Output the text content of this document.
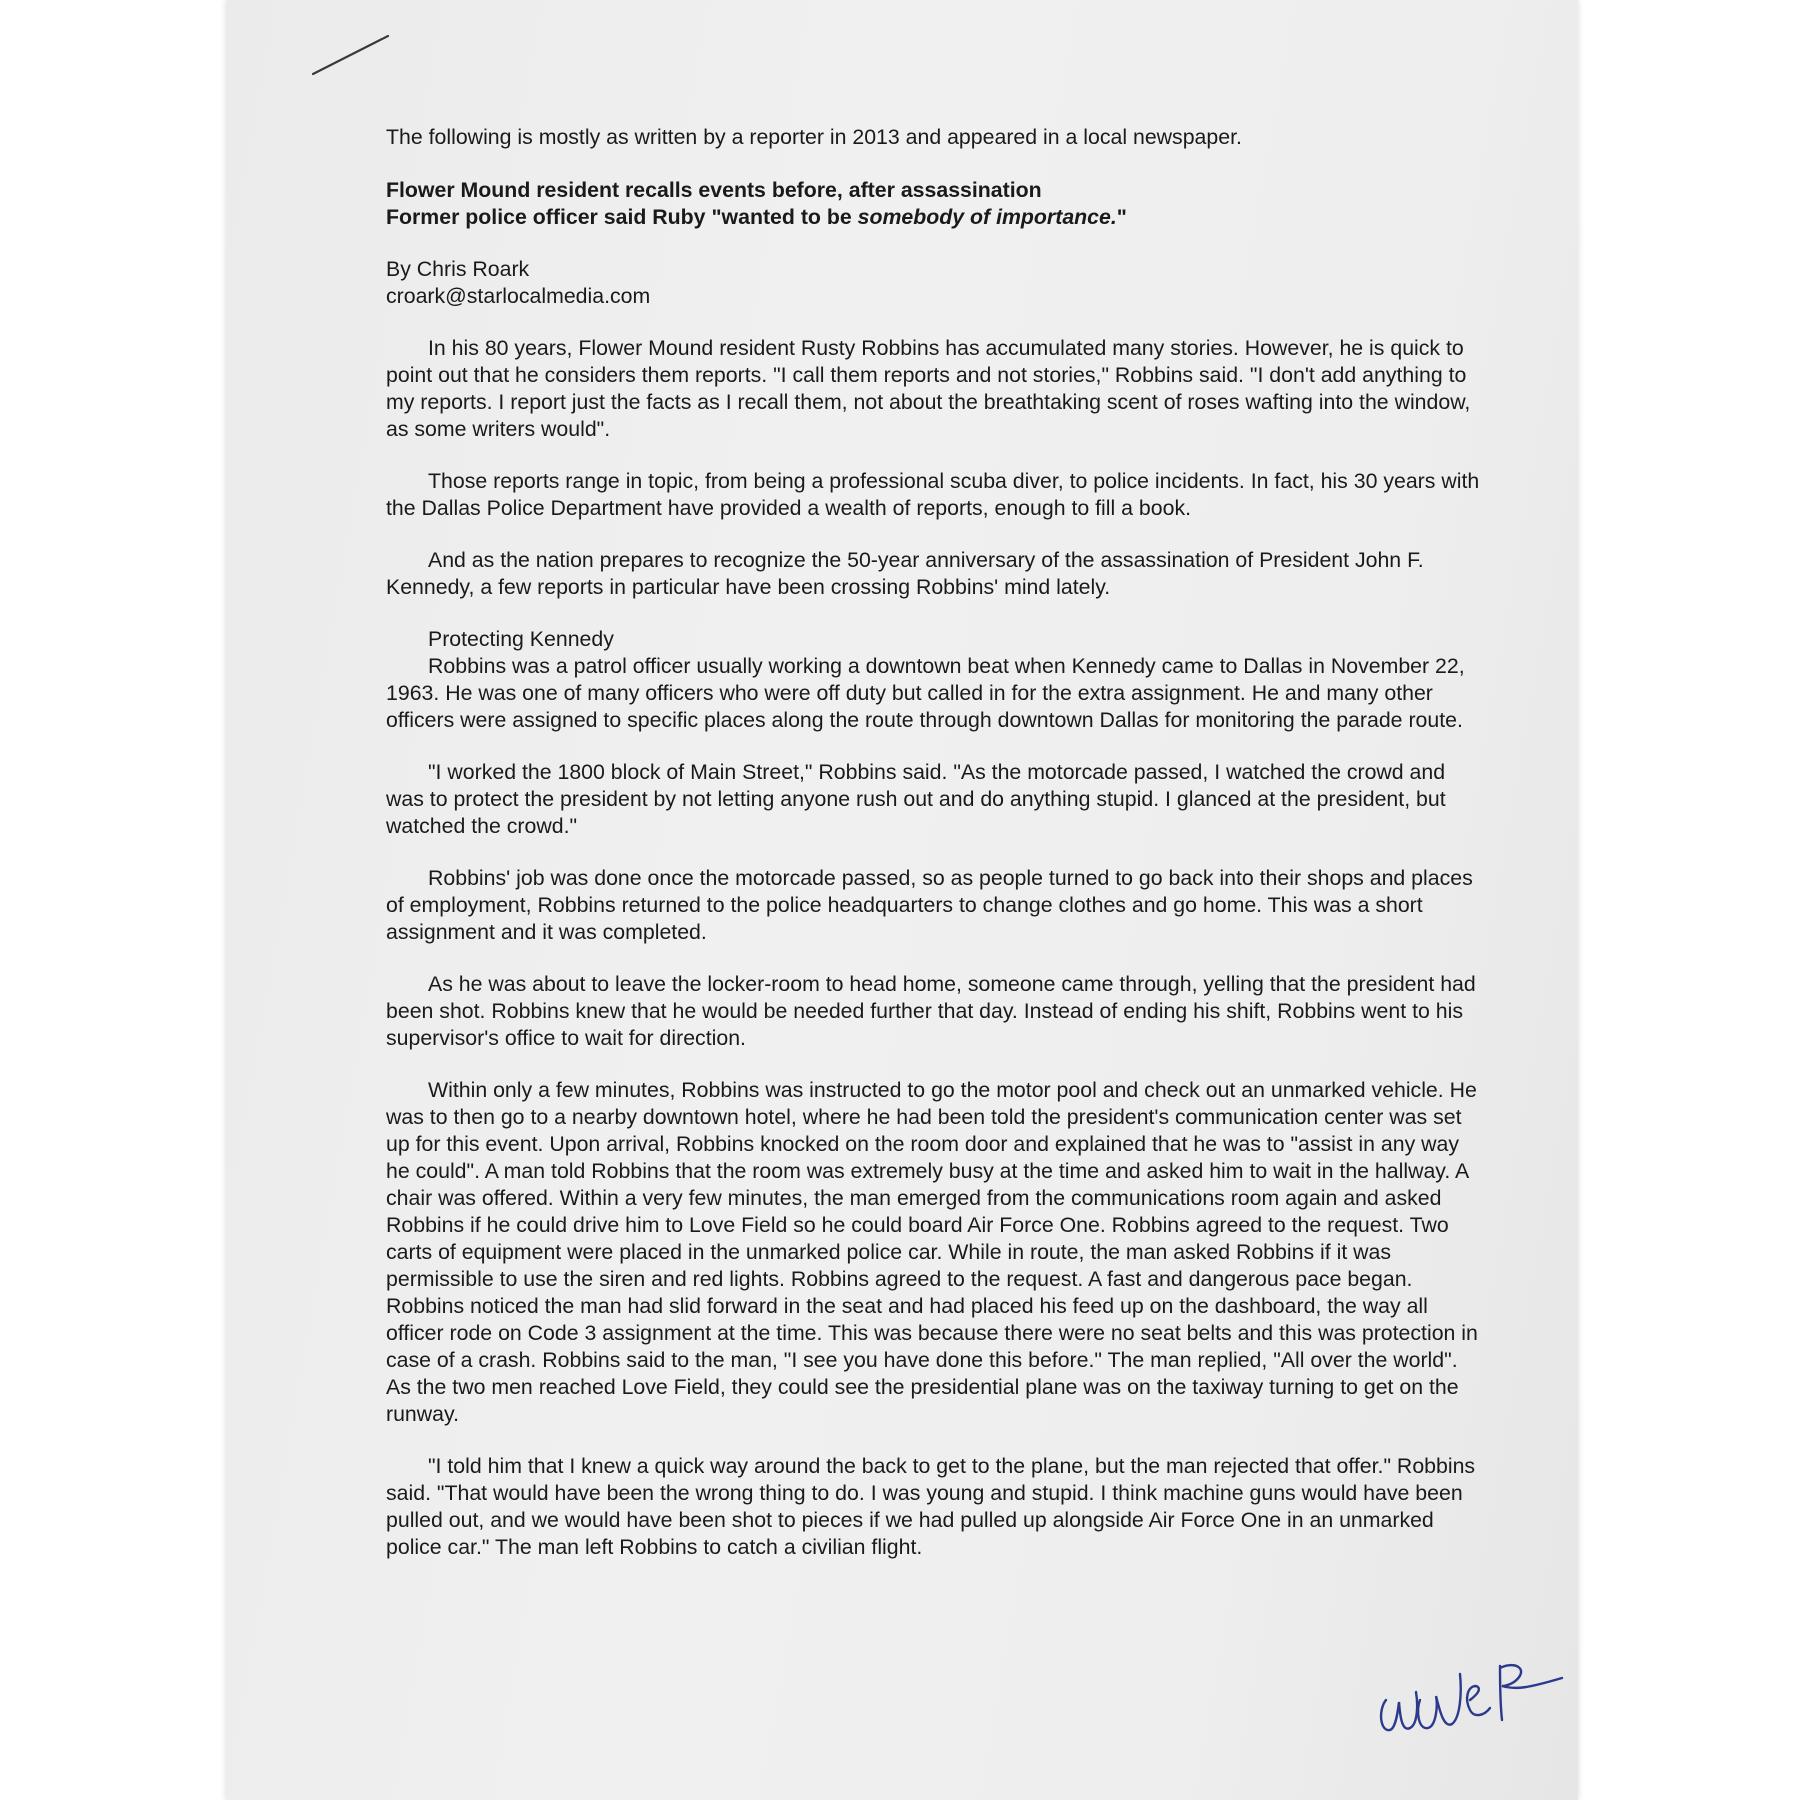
The following is mostly as written by a reporter in 2013 and appeared in a local newspaper.

Flower Mound resident recalls events before, after assassination

Former police officer said Ruby "wanted to be somebody of importance."

By Chris Roark
croark@starlocalmedia.com

In his 80 years, Flower Mound resident Rusty Robbins has accumulated many stories. However, he is quick to point out that he considers them reports. "I call them reports and not stories," Robbins said. "I don't add anything to my reports. I report just the facts as I recall them, not about the breathtaking scent of roses wafting into the window, as some writers would".

Those reports range in topic, from being a professional scuba diver, to police incidents. In fact, his 30 years with the Dallas Police Department have provided a wealth of reports, enough to fill a book.

And as the nation prepares to recognize the 50-year anniversary of the assassination of President John F. Kennedy, a few reports in particular have been crossing Robbins' mind lately.

Protecting Kennedy

Robbins was a patrol officer usually working a downtown beat when Kennedy came to Dallas in November 22, 1963. He was one of many officers who were off duty but called in for the extra assignment. He and many other officers were assigned to specific places along the route through downtown Dallas for monitoring the parade route.

"I worked the 1800 block of Main Street," Robbins said. "As the motorcade passed, I watched the crowd and was to protect the president by not letting anyone rush out and do anything stupid. I glanced at the president, but watched the crowd."

Robbins' job was done once the motorcade passed, so as people turned to go back into their shops and places of employment, Robbins returned to the police headquarters to change clothes and go home. This was a short assignment and it was completed.

As he was about to leave the locker-room to head home, someone came through, yelling that the president had been shot. Robbins knew that he would be needed further that day. Instead of ending his shift, Robbins went to his supervisor's office to wait for direction.

Within only a few minutes, Robbins was instructed to go the motor pool and check out an unmarked vehicle. He was to then go to a nearby downtown hotel, where he had been told the president's communication center was set up for this event. Upon arrival, Robbins knocked on the room door and explained that he was to "assist in any way he could". A man told Robbins that the room was extremely busy at the time and asked him to wait in the hallway. A chair was offered. Within a very few minutes, the man emerged from the communications room again and asked Robbins if he could drive him to Love Field so he could board Air Force One. Robbins agreed to the request. Two carts of equipment were placed in the unmarked police car. While in route, the man asked Robbins if it was permissible to use the siren and red lights. Robbins agreed to the request. A fast and dangerous pace began. Robbins noticed the man had slid forward in the seat and had placed his feed up on the dashboard, the way all officer rode on Code 3 assignment at the time. This was because there were no seat belts and this was protection in case of a crash. Robbins said to the man, "I see you have done this before." The man replied, "All over the world". As the two men reached Love Field, they could see the presidential plane was on the taxiway turning to get on the runway.

"I told him that I knew a quick way around the back to get to the plane, but the man rejected that offer." Robbins said. "That would have been the wrong thing to do. I was young and stupid. I think machine guns would have been pulled out, and we would have been shot to pieces if we had pulled up alongside Air Force One in an unmarked police car." The man left Robbins to catch a civilian flight.
